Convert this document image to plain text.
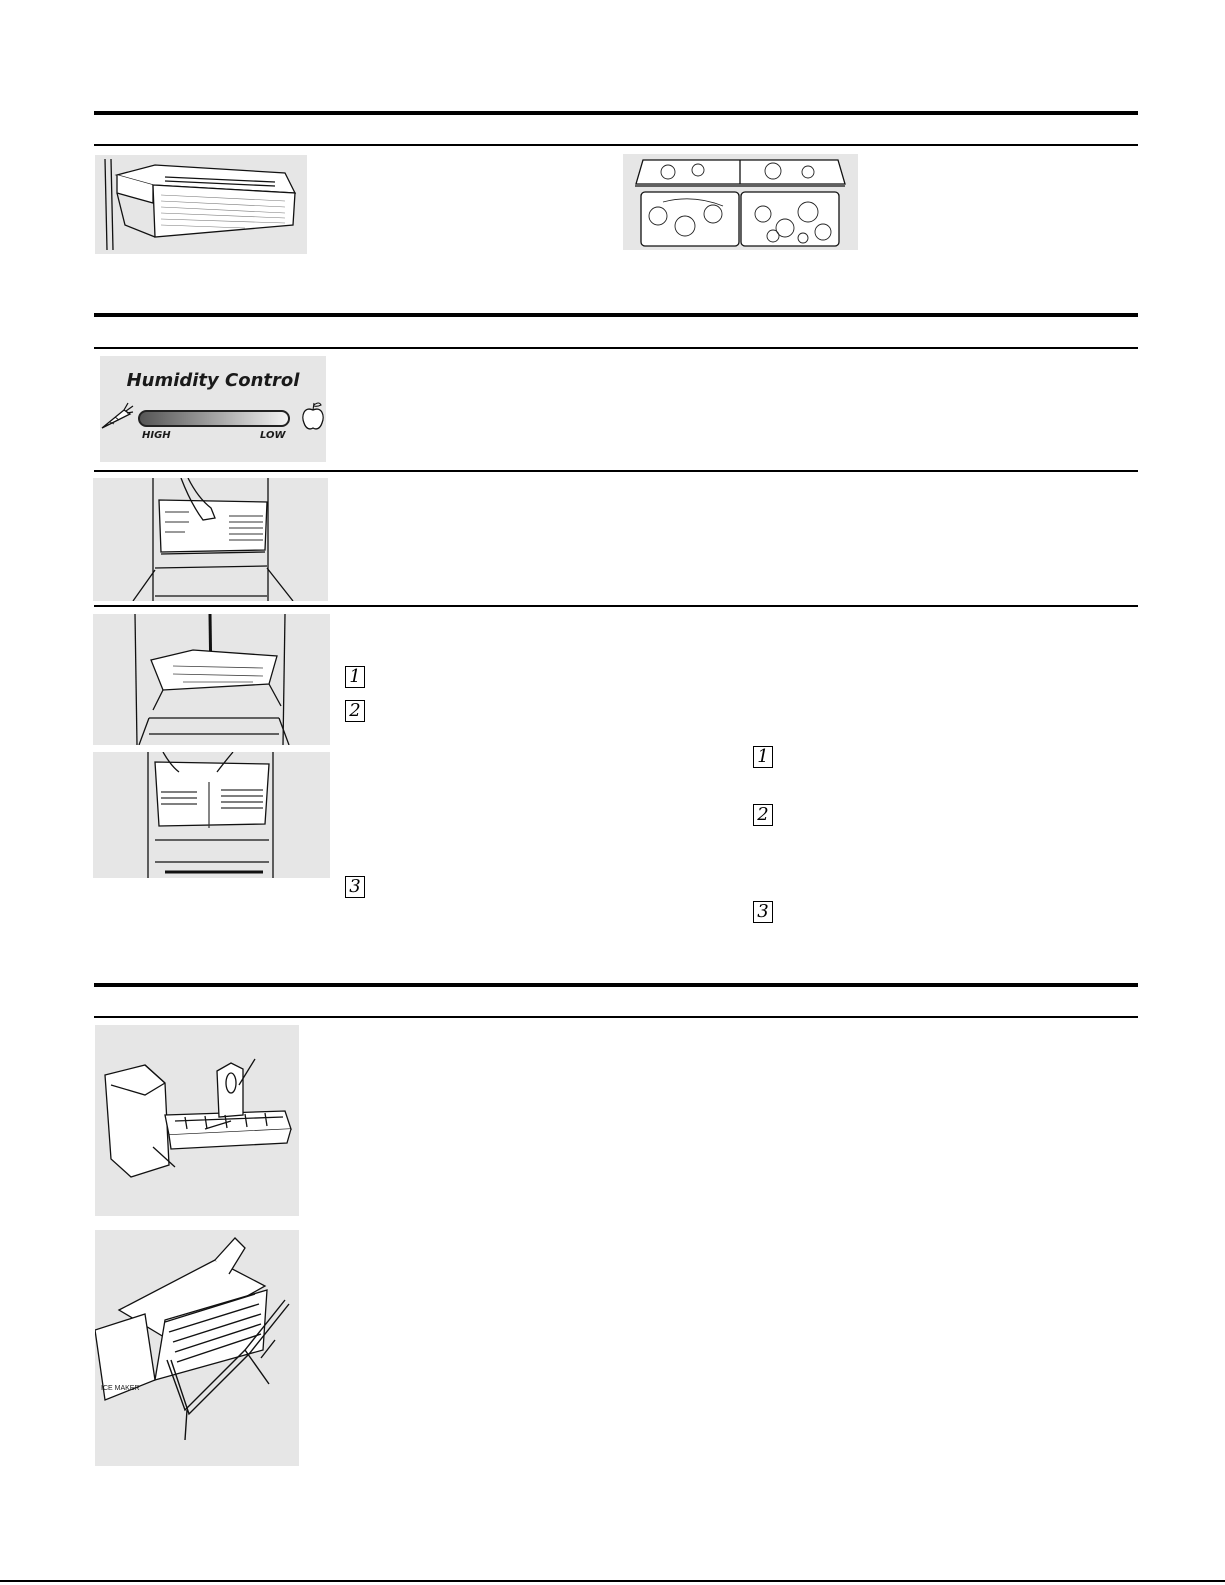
Humidity Control
HIGH	LOW
1
2
3
1
2
3
ICE MAKER
